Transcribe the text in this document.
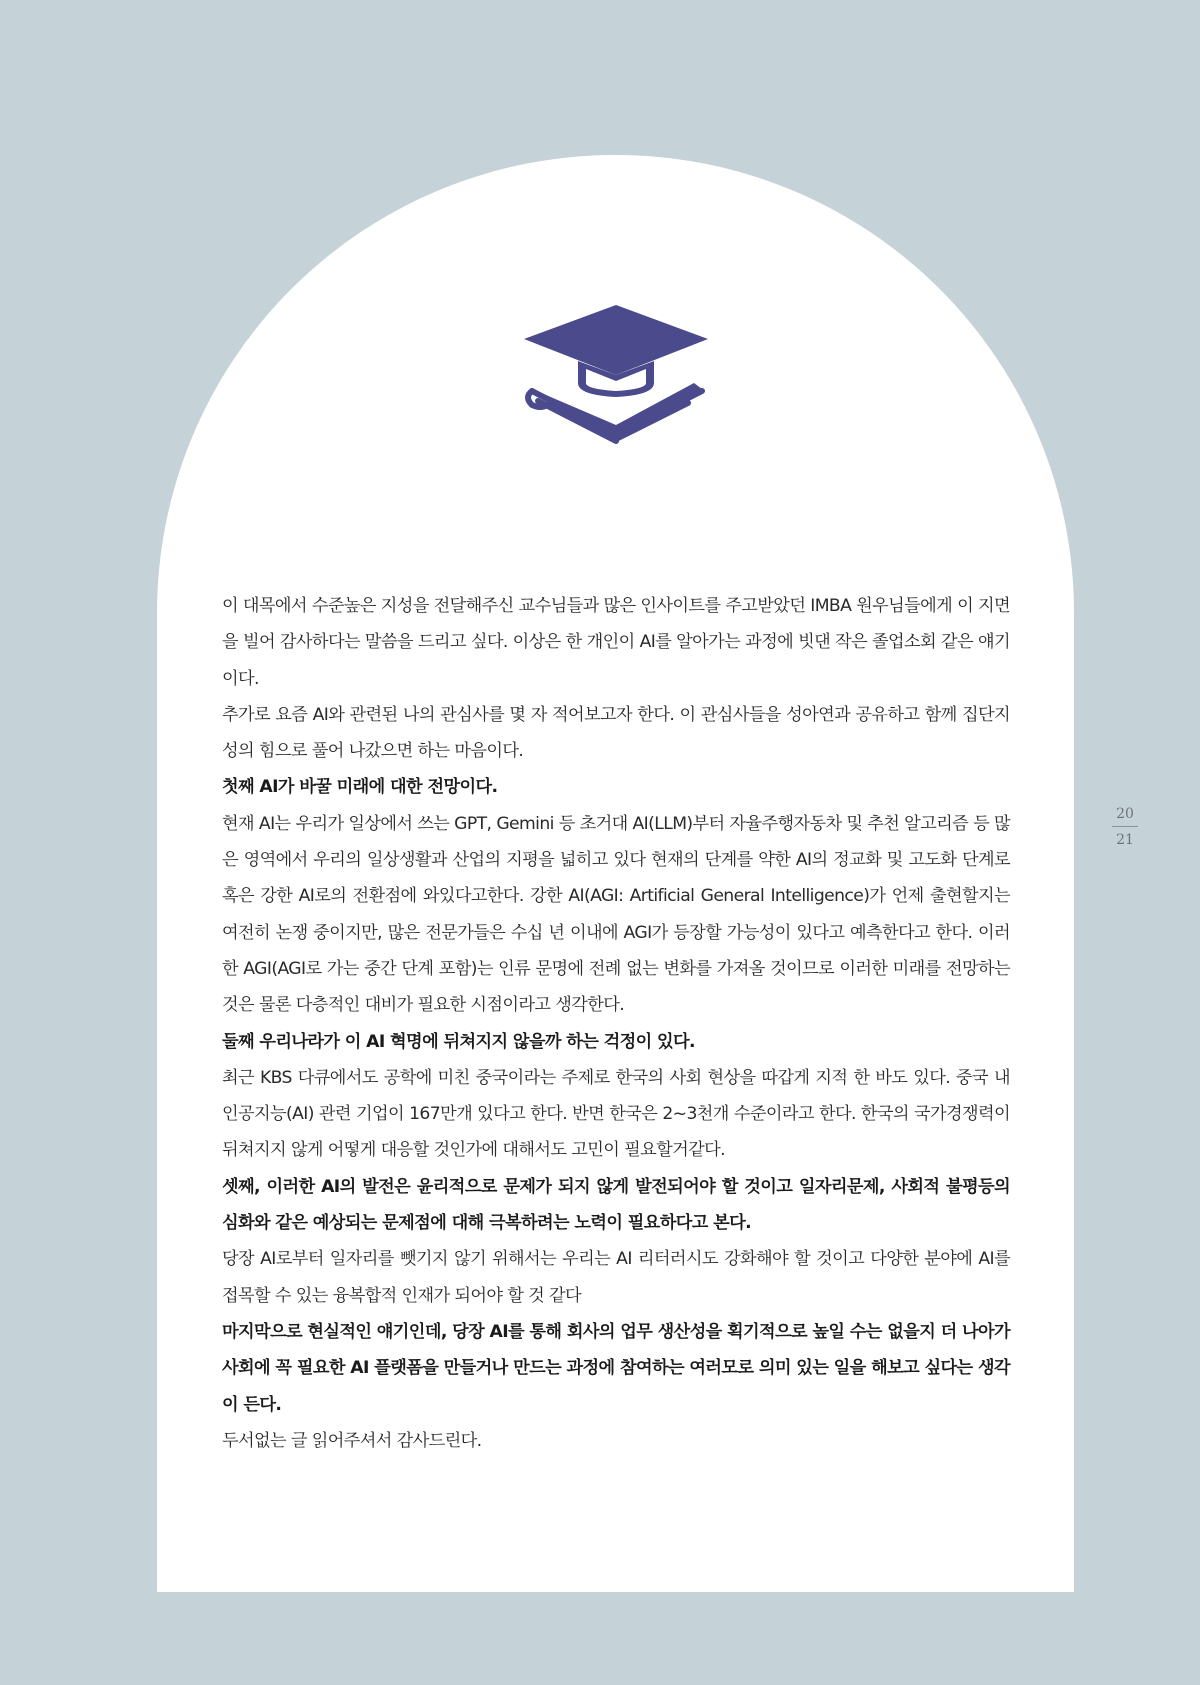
이 대목에서 수준높은 지성을 전달해주신 교수님들과 많은 인사이트를 주고받았던 IMBA 원우님들에게 이 지면을 빌어 감사하다는 말씀을 드리고 싶다. 이상은 한 개인이 AI를 알아가는 과정에 빗댄 작은 졸업소회 같은 얘기이다.

추가로 요즘 AI와 관련된 나의 관심사를 몇 자 적어보고자 한다. 이 관심사들을 성아연과 공유하고 함께 집단지성의 힘으로 풀어 나갔으면 하는 마음이다.

첫째 AI가 바꿀 미래에 대한 전망이다.

현재 AI는 우리가 일상에서 쓰는 GPT, Gemini 등 초거대 AI(LLM)부터 자율주행자동차 및 추천 알고리즘 등 많은 영역에서 우리의 일상생활과 산업의 지평을 넓히고 있다 현재의 단계를 약한 AI의 정교화 및 고도화 단계로 혹은 강한 AI로의 전환점에 와있다고한다. 강한 AI(AGI: Artificial General Intelligence)가 언제 출현할지는 여전히 논쟁 중이지만, 많은 전문가들은 수십 년 이내에 AGI가 등장할 가능성이 있다고 예측한다고 한다. 이러한 AGI(AGI로 가는 중간 단계 포함)는 인류 문명에 전례 없는 변화를 가져올 것이므로 이러한 미래를 전망하는 것은 물론 다층적인 대비가 필요한 시점이라고 생각한다.

둘째 우리나라가 이 AI 혁명에 뒤쳐지지 않을까 하는 걱정이 있다.

최근 KBS 다큐에서도 공학에 미친 중국이라는 주제로 한국의 사회 현상을 따갑게 지적 한 바도 있다. 중국 내 인공지능(AI) 관련 기업이 167만개 있다고 한다. 반면 한국은 2~3천개 수준이라고 한다. 한국의 국가경쟁력이 뒤쳐지지 않게 어떻게 대응할 것인가에 대해서도 고민이 필요할거같다.

셋째, 이러한 AI의 발전은 윤리적으로 문제가 되지 않게 발전되어야 할 것이고 일자리문제, 사회적 불평등의 심화와 같은 예상되는 문제점에 대해 극복하려는 노력이 필요하다고 본다.

당장 AI로부터 일자리를 뺏기지 않기 위해서는 우리는 AI 리터러시도 강화해야 할 것이고 다양한 분야에 AI를 접목할 수 있는 융복합적 인재가 되어야 할 것 같다

마지막으로 현실적인 얘기인데, 당장 AI를 통해 회사의 업무 생산성을 획기적으로 높일 수는 없을지 더 나아가 사회에 꼭 필요한 AI 플랫폼을 만들거나 만드는 과정에 참여하는 여러모로 의미 있는 일을 해보고 싶다는 생각이 든다.

두서없는 글 읽어주셔서 감사드린다.

20
21
